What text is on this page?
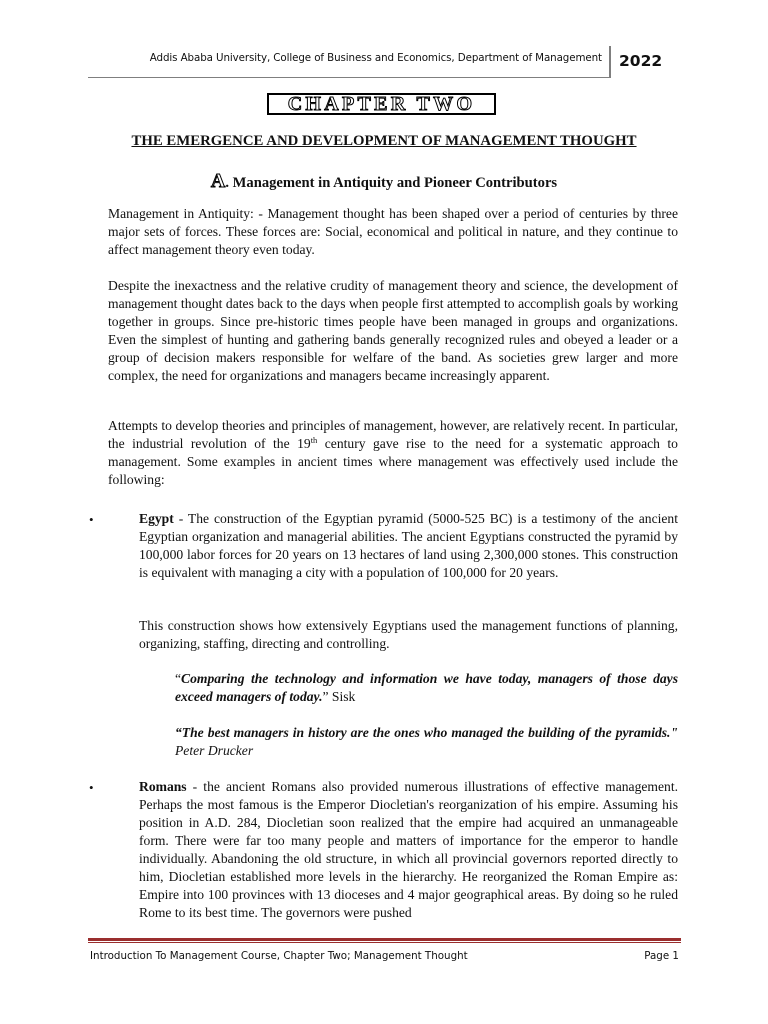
Addis Ababa University, College of Business and Economics, Department of Management 2022
CHAPTER TWO
THE EMERGENCE AND DEVELOPMENT OF MANAGEMENT THOUGHT
A. Management in Antiquity and Pioneer Contributors

Management in Antiquity: - Management thought has been shaped over a period of centuries by three major sets of forces. These forces are: Social, economical and political in nature, and they continue to affect management theory even today.

Despite the inexactness and the relative crudity of management theory and science, the development of management thought dates back to the days when people first attempted to accomplish goals by working together in groups. Since pre-historic times people have been managed in groups and organizations. Even the simplest of hunting and gathering bands generally recognized rules and obeyed a leader or a group of decision makers responsible for welfare of the band. As societies grew larger and more complex, the need for organizations and managers became increasingly apparent.

Attempts to develop theories and principles of management, however, are relatively recent. In particular, the industrial revolution of the 19th century gave rise to the need for a systematic approach to management. Some examples in ancient times where management was effectively used include the following:

•	Egypt - The construction of the Egyptian pyramid (5000-525 BC) is a testimony of the ancient Egyptian organization and managerial abilities. The ancient Egyptians constructed the pyramid by 100,000 labor forces for 20 years on 13 hectares of land using 2,300,000 stones. This construction is equivalent with managing a city with a population of 100,000 for 20 years.

This construction shows how extensively Egyptians used the management functions of planning, organizing, staffing, directing and controlling.

“Comparing the technology and information we have today, managers of those days exceed managers of today.” Sisk

“The best managers in history are the ones who managed the building of the pyramids." Peter Drucker

•	Romans - the ancient Romans also provided numerous illustrations of effective management. Perhaps the most famous is the Emperor Diocletian's reorganization of his empire. Assuming his position in A.D. 284, Diocletian soon realized that the empire had acquired an unmanageable form. There were far too many people and matters of importance for the emperor to handle individually. Abandoning the old structure, in which all provincial governors reported directly to him, Diocletian established more levels in the hierarchy. He reorganized the Roman Empire as: Empire into 100 provinces with 13 dioceses and 4 major geographical areas. By doing so he ruled Rome to its best time. The governors were pushed

Introduction To Management Course, Chapter Two; Management Thought	Page 1
